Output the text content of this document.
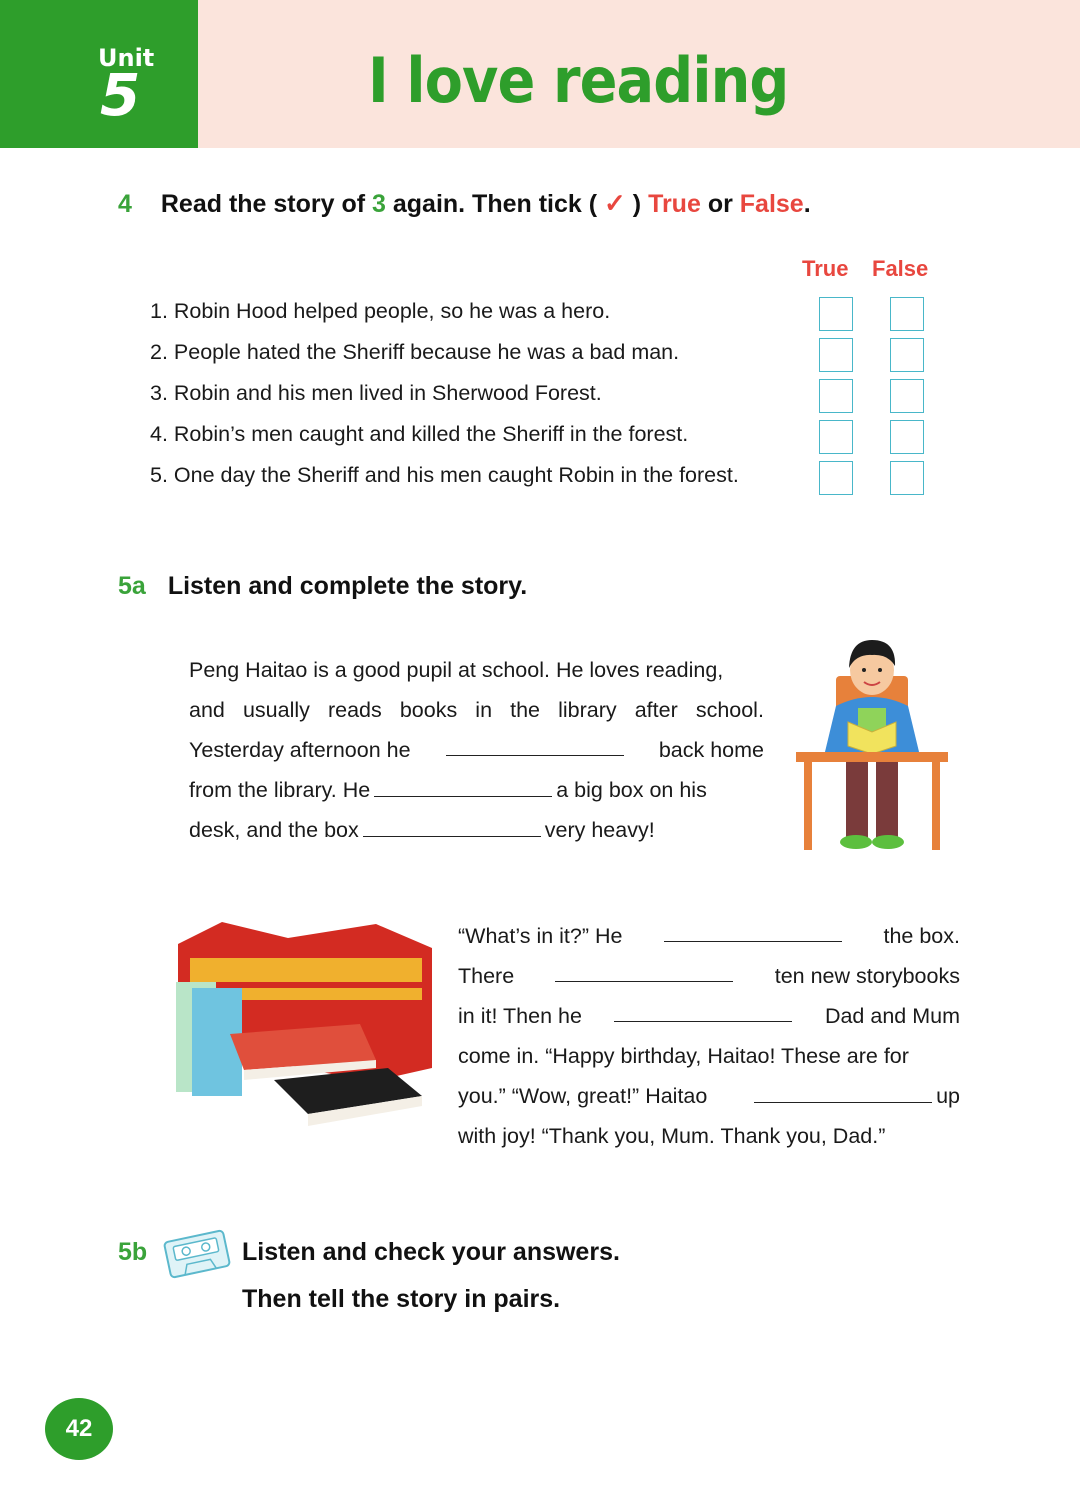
Unit
5	I love reading
4 Read the story of 3 again. Then tick ( ✓ ) True or False.
True False
1. Robin Hood helped people, so he was a hero.
2. People hated the Sheriff because he was a bad man.
3. Robin and his men lived in Sherwood Forest.
4. Robin’s men caught and killed the Sheriff in the forest.
5. One day the Sheriff and his men caught Robin in the forest.
5a Listen and complete the story.
Peng Haitao is a good pupil at school. He loves reading,
and usually reads books in the library after school.
Yesterday afternoon he	back home
from the library. He	a big box on his
desk, and the box	very heavy!
“What’s in it?” He	the box.
There	ten new storybooks
in it! Then he	Dad and Mum
come in. “Happy birthday, Haitao! These are for
you.” “Wow, great!” Haitao	up
with joy! “Thank you, Mum. Thank you, Dad.”
5b	Listen and check your answers.
Then tell the story in pairs.
42
